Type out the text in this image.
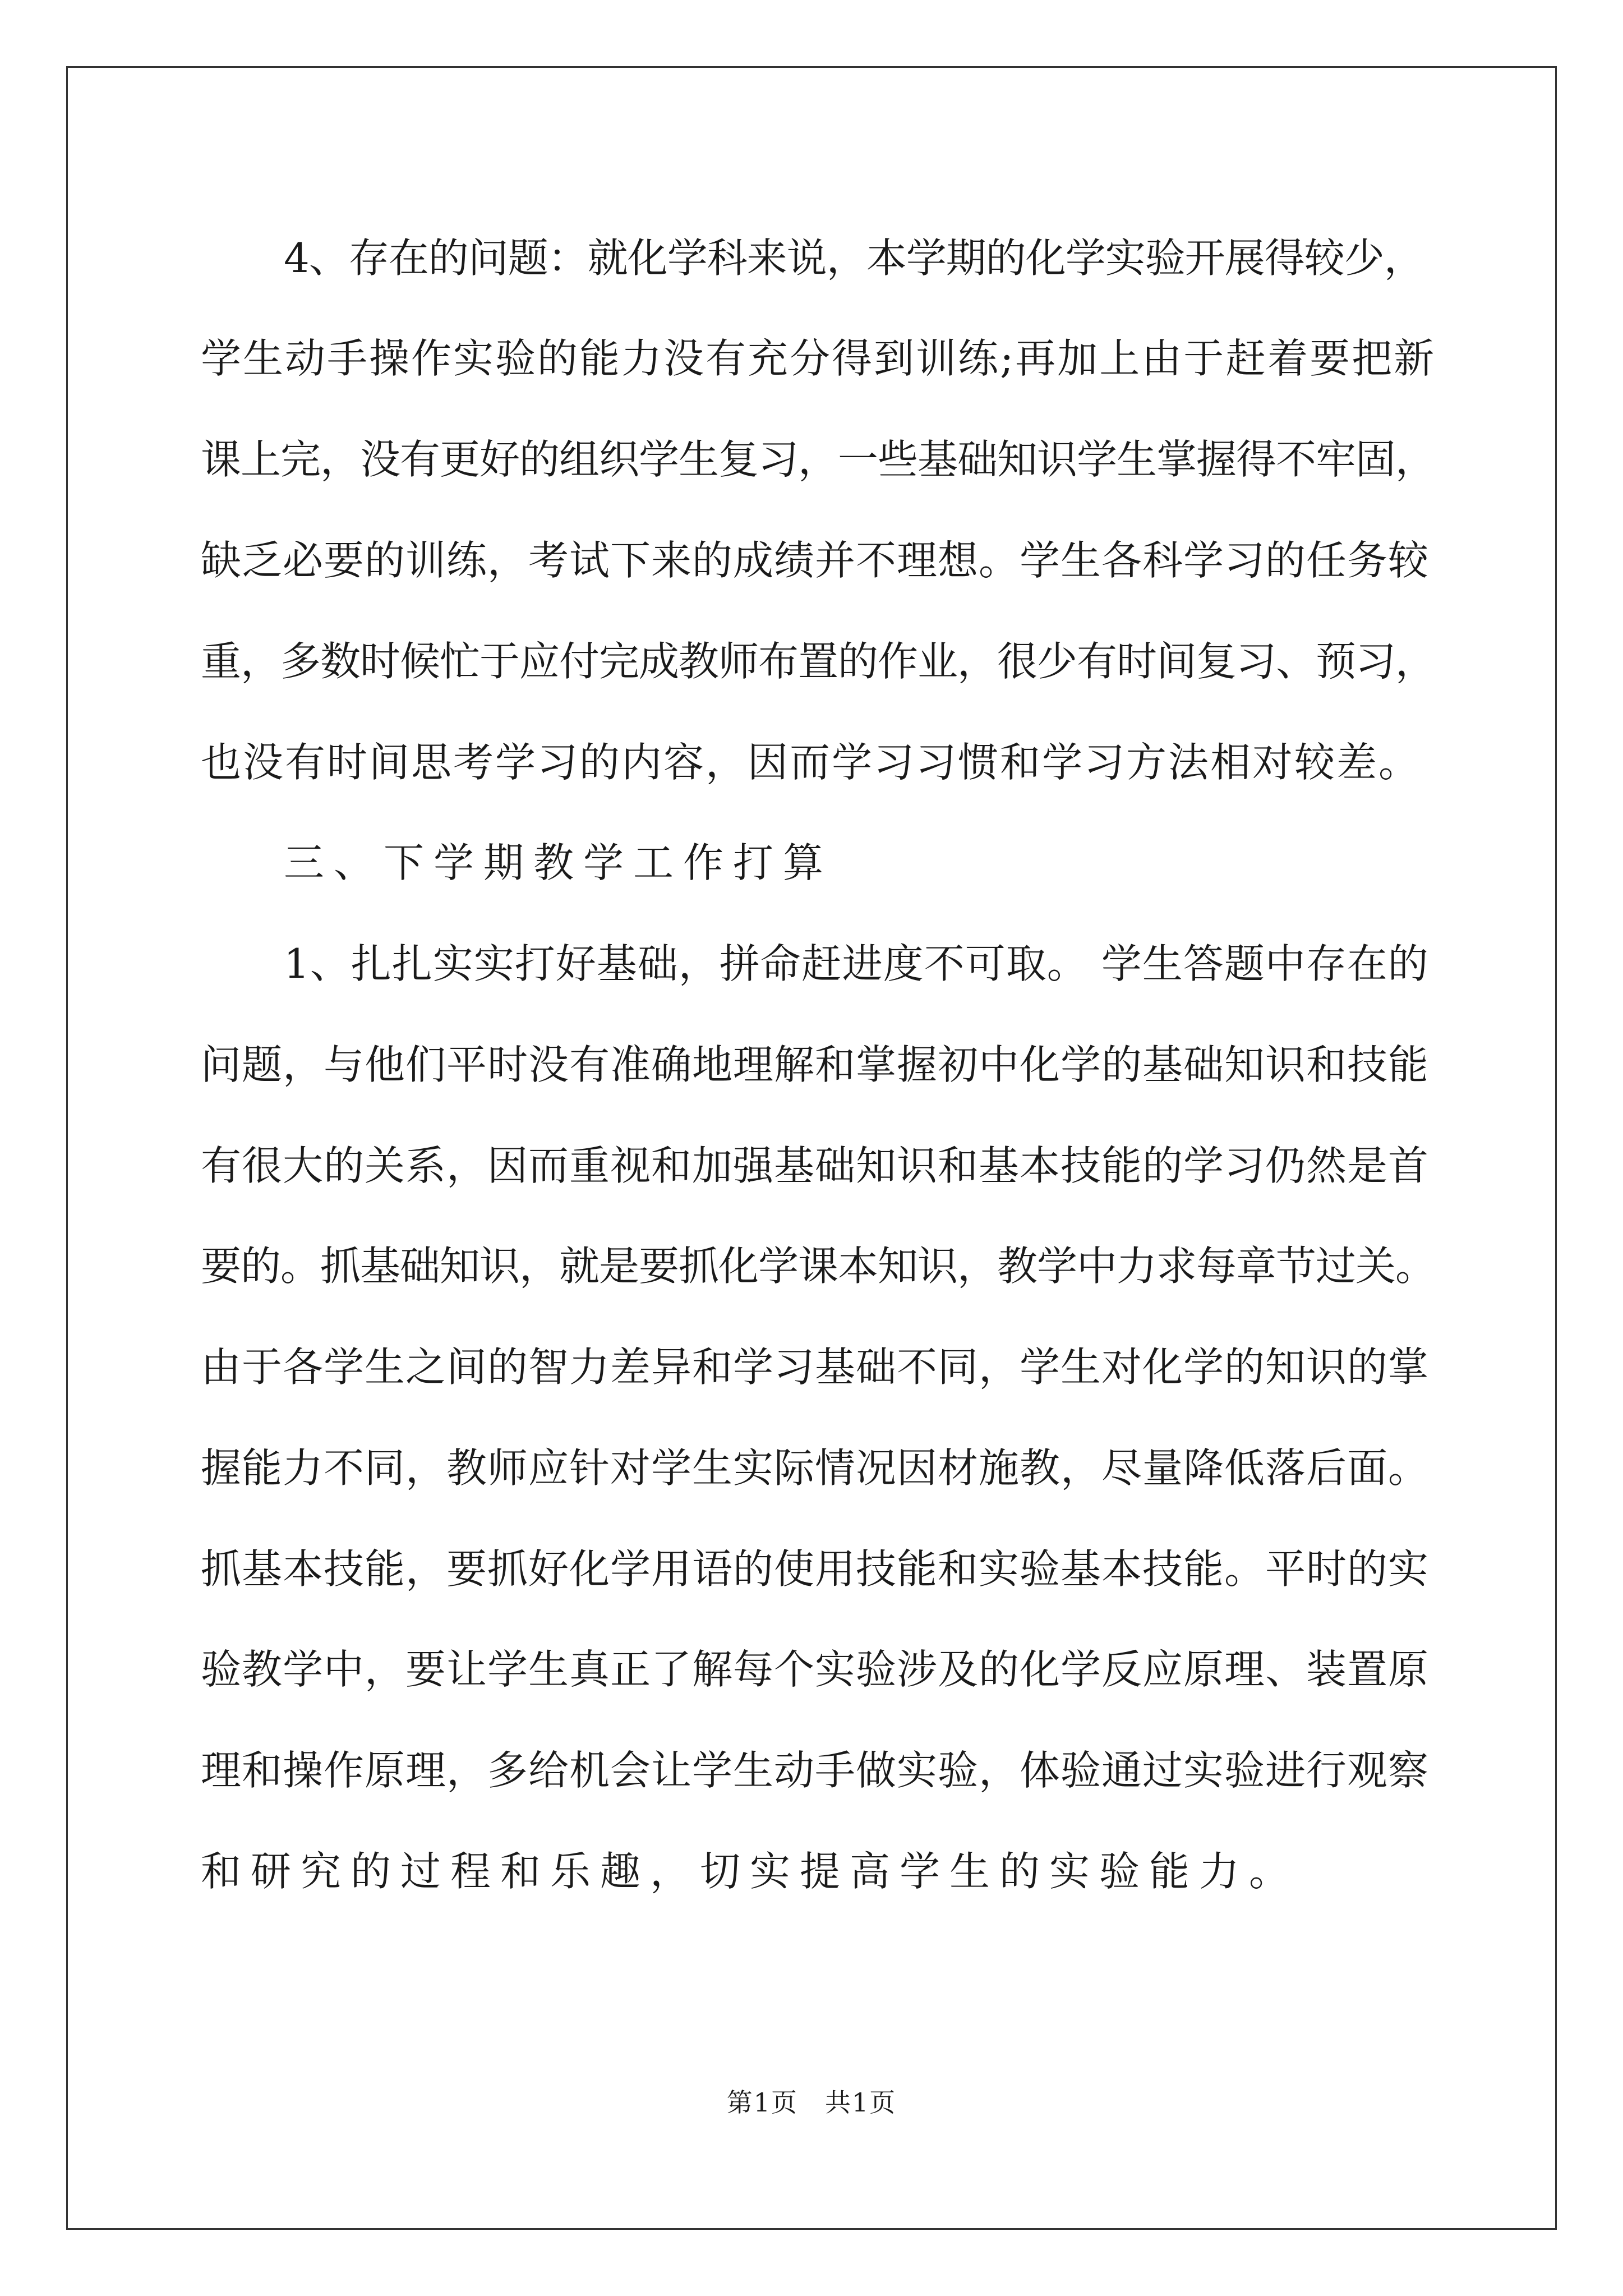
4、存在的问题：就化学科来说，本学期的化学实验开展得较少，
学生动手操作实验的能力没有充分得到训练;再加上由于赶着要把新
课上完，没有更好的组织学生复习，一些基础知识学生掌握得不牢固，
缺乏必要的训练，考试下来的成绩并不理想。学生各科学习的任务较
重，多数时候忙于应付完成教师布置的作业，很少有时间复习、预习，
也没有时间思考学习的内容，因而学习习惯和学习方法相对较差。
三、下学期教学工作打算
1、扎扎实实打好基础，拼命赶进度不可取。 学生答题中存在的
问题，与他们平时没有准确地理解和掌握初中化学的基础知识和技能
有很大的关系，因而重视和加强基础知识和基本技能的学习仍然是首
要的。抓基础知识，就是要抓化学课本知识，教学中力求每章节过关。
由于各学生之间的智力差异和学习基础不同，学生对化学的知识的掌
握能力不同，教师应针对学生实际情况因材施教，尽量降低落后面。
抓基本技能，要抓好化学用语的使用技能和实验基本技能。平时的实
验教学中，要让学生真正了解每个实验涉及的化学反应原理、装置原
理和操作原理，多给机会让学生动手做实验，体验通过实验进行观察
和研究的过程和乐趣，切实提高学生的实验能力。
第1页　共1页
